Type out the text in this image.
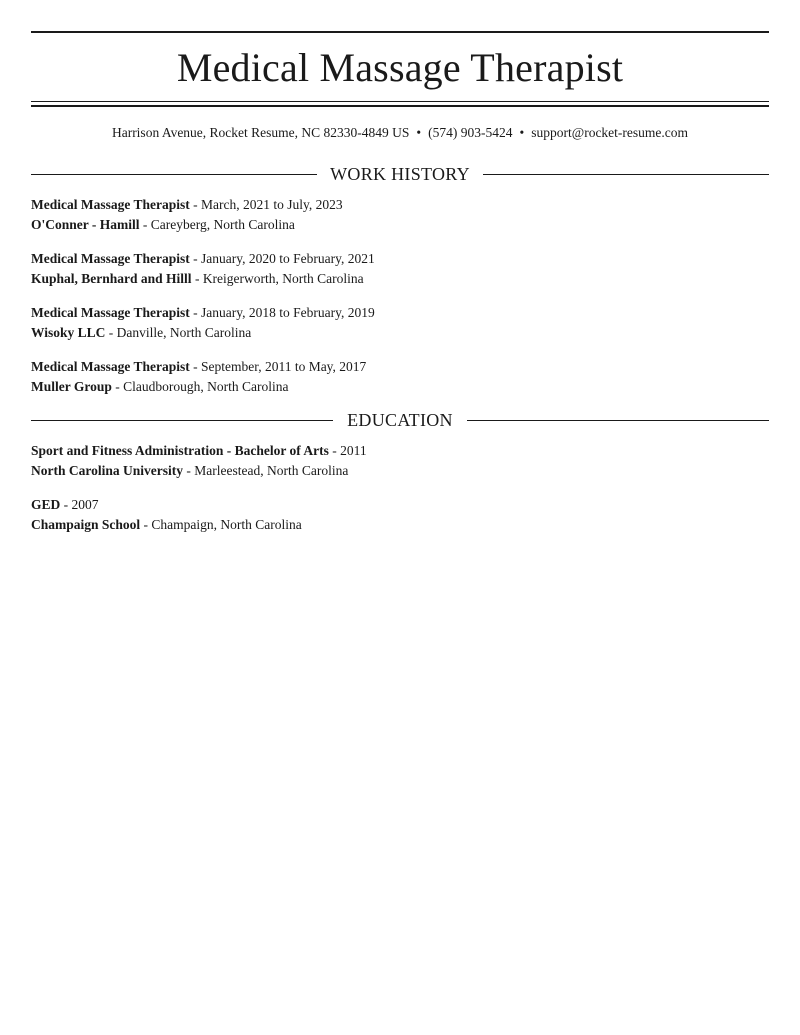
Medical Massage Therapist
Harrison Avenue, Rocket Resume, NC 82330-4849 US • (574) 903-5424 • support@rocket-resume.com
WORK HISTORY
Medical Massage Therapist - March, 2021 to July, 2023
O'Conner - Hamill - Careyberg, North Carolina
Medical Massage Therapist - January, 2020 to February, 2021
Kuphal, Bernhard and Hilll - Kreigerworth, North Carolina
Medical Massage Therapist - January, 2018 to February, 2019
Wisoky LLC - Danville, North Carolina
Medical Massage Therapist - September, 2011 to May, 2017
Muller Group - Claudborough, North Carolina
EDUCATION
Sport and Fitness Administration - Bachelor of Arts - 2011
North Carolina University - Marleestead, North Carolina
GED - 2007
Champaign School - Champaign, North Carolina
